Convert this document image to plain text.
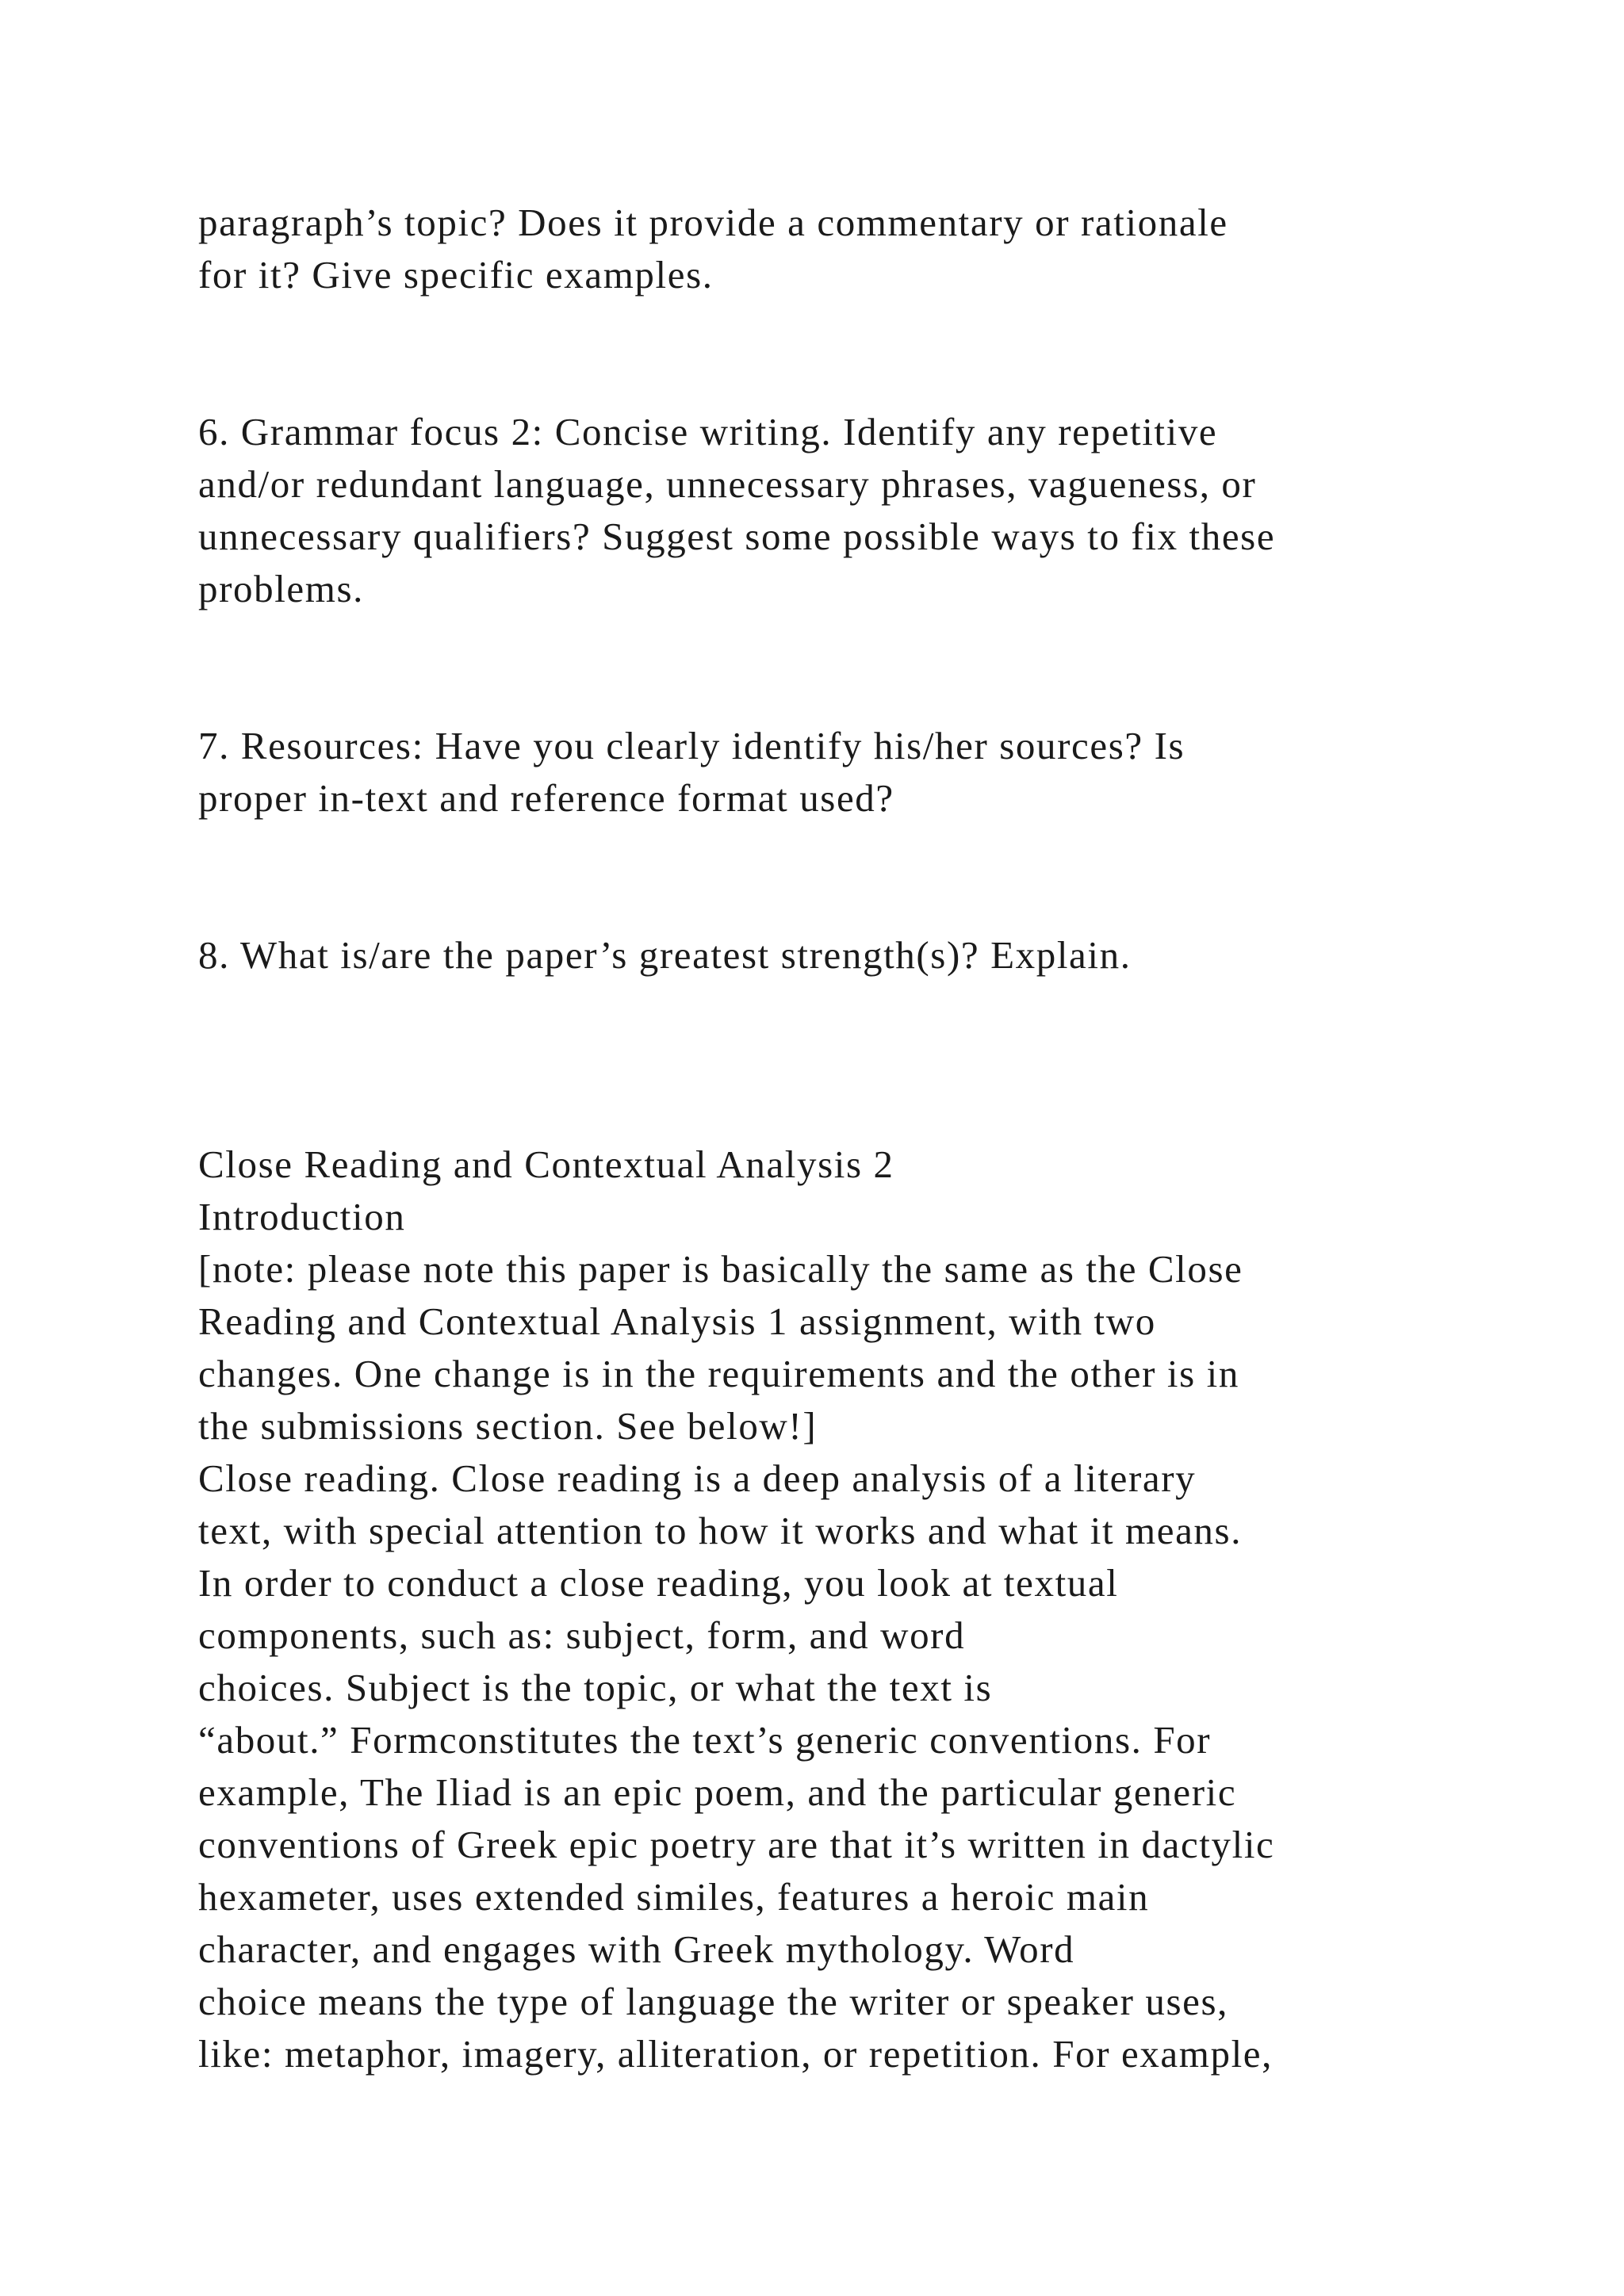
paragraph’s topic? Does it provide a commentary or rationale

for it? Give specific examples.

6. Grammar focus 2: Concise writing. Identify any repetitive

and/or redundant language, unnecessary phrases, vagueness, or

unnecessary qualifiers? Suggest some possible ways to fix these

problems.

7. Resources: Have you clearly identify his/her sources? Is

proper in-text and reference format used?

8. What is/are the paper’s greatest strength(s)? Explain.

Close Reading and Contextual Analysis 2

Introduction

[note: please note this paper is basically the same as the Close

Reading and Contextual Analysis 1 assignment, with two

changes. One change is in the requirements and the other is in

the submissions section. See below!]

Close reading. Close reading is a deep analysis of a literary

text, with special attention to how it works and what it means.

In order to conduct a close reading, you look at textual

components, such as: subject, form, and word

choices. Subject is the topic, or what the text is

“about.” Formconstitutes the text’s generic conventions. For

example, The Iliad is an epic poem, and the particular generic

conventions of Greek epic poetry are that it’s written in dactylic

hexameter, uses extended similes, features a heroic main

character, and engages with Greek mythology. Word

choice means the type of language the writer or speaker uses,

like: metaphor, imagery, alliteration, or repetition. For example,
